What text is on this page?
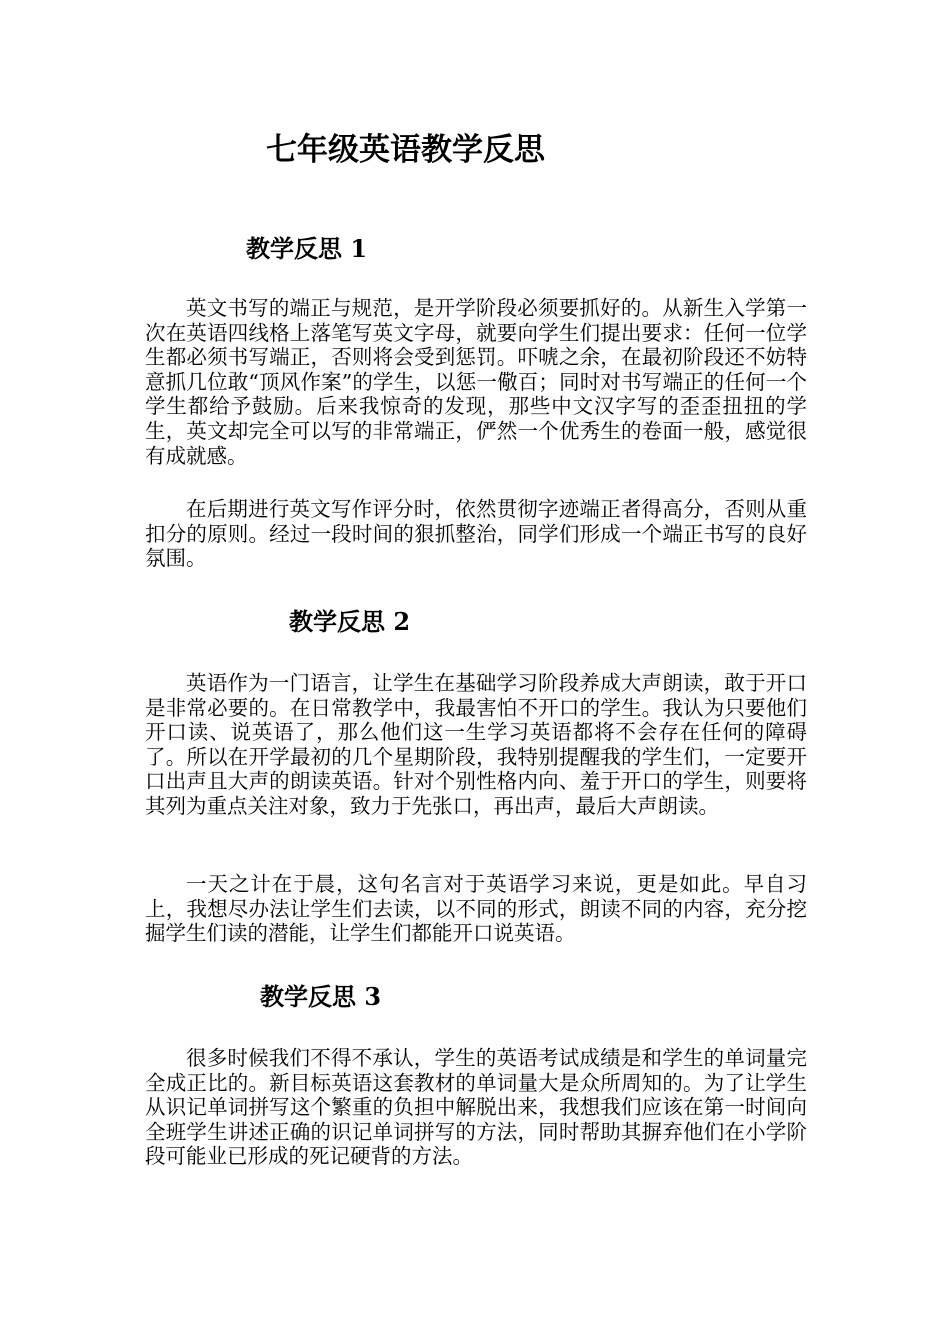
七年级英语教学反思
教学反思 1

英文书写的端正与规范，是开学阶段必须要抓好的。从新生入学第一次在英语四线格上落笔写英文字母，就要向学生们提出要求：任何一位学生都必须书写端正，否则将会受到惩罚。吓唬之余，在最初阶段还不妨特意抓几位敢“顶风作案”的学生，以惩一儆百；同时对书写端正的任何一个学生都给予鼓励。后来我惊奇的发现，那些中文汉字写的歪歪扭扭的学生，英文却完全可以写的非常端正，俨然一个优秀生的卷面一般，感觉很有成就感。

在后期进行英文写作评分时，依然贯彻字迹端正者得高分，否则从重扣分的原则。经过一段时间的狠抓整治，同学们形成一个端正书写的良好氛围。

教学反思 2

英语作为一门语言，让学生在基础学习阶段养成大声朗读，敢于开口是非常必要的。在日常教学中，我最害怕不开口的学生。我认为只要他们开口读、说英语了，那么他们这一生学习英语都将不会存在任何的障碍了。所以在开学最初的几个星期阶段，我特别提醒我的学生们，一定要开口出声且大声的朗读英语。针对个别性格内向、羞于开口的学生，则要将其列为重点关注对象，致力于先张口，再出声，最后大声朗读。

一天之计在于晨，这句名言对于英语学习来说，更是如此。早自习上，我想尽办法让学生们去读，以不同的形式，朗读不同的内容，充分挖掘学生们读的潜能，让学生们都能开口说英语。

教学反思 3

很多时候我们不得不承认，学生的英语考试成绩是和学生的单词量完全成正比的。新目标英语这套教材的单词量大是众所周知的。为了让学生从识记单词拼写这个繁重的负担中解脱出来，我想我们应该在第一时间向全班学生讲述正确的识记单词拼写的方法，同时帮助其摒弃他们在小学阶段可能业已形成的死记硬背的方法。
